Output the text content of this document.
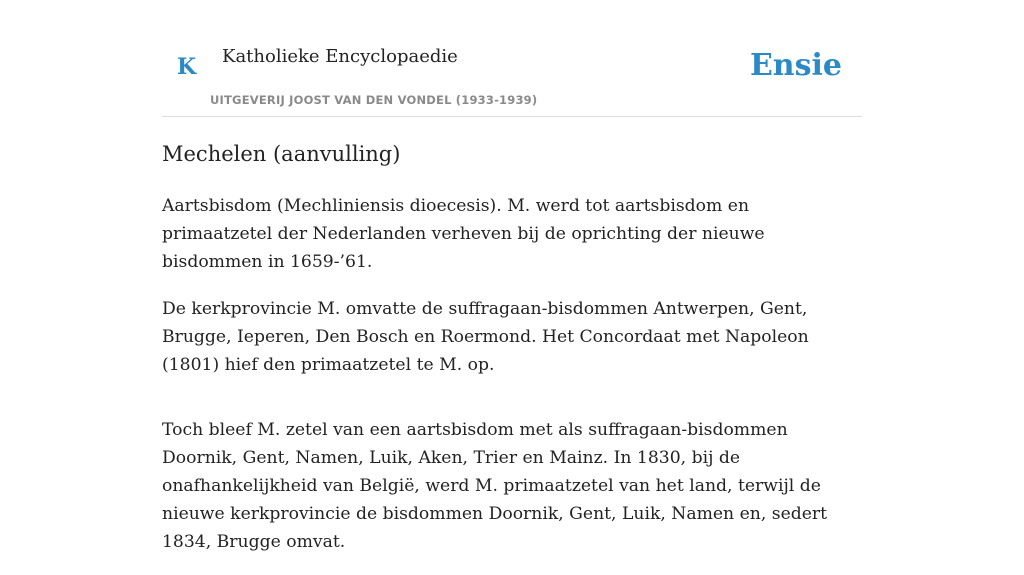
K Katholieke Encyclopaedie
UITGEVERIJ JOOST VAN DEN VONDEL (1933-1939)
Ensie
Mechelen (aanvulling)

Aartsbisdom (Mechliniensis dioecesis). M. werd tot aartsbisdom en primaatzetel der Nederlanden verheven bij de oprichting der nieuwe bisdommen in 1659-’61.

De kerkprovincie M. omvatte de suffragaan-bisdommen Antwerpen, Gent, Brugge, Ieperen, Den Bosch en Roermond. Het Concordaat met Napoleon (1801) hief den primaatzetel te M. op.

Toch bleef M. zetel van een aartsbisdom met als suffragaan-bisdommen Doornik, Gent, Namen, Luik, Aken, Trier en Mainz. In 1830, bij de onafhankelijkheid van België, werd M. primaatzetel van het land, terwijl de nieuwe kerkprovincie de bisdommen Doornik, Gent, Luik, Namen en, sedert 1834, Brugge omvat.
